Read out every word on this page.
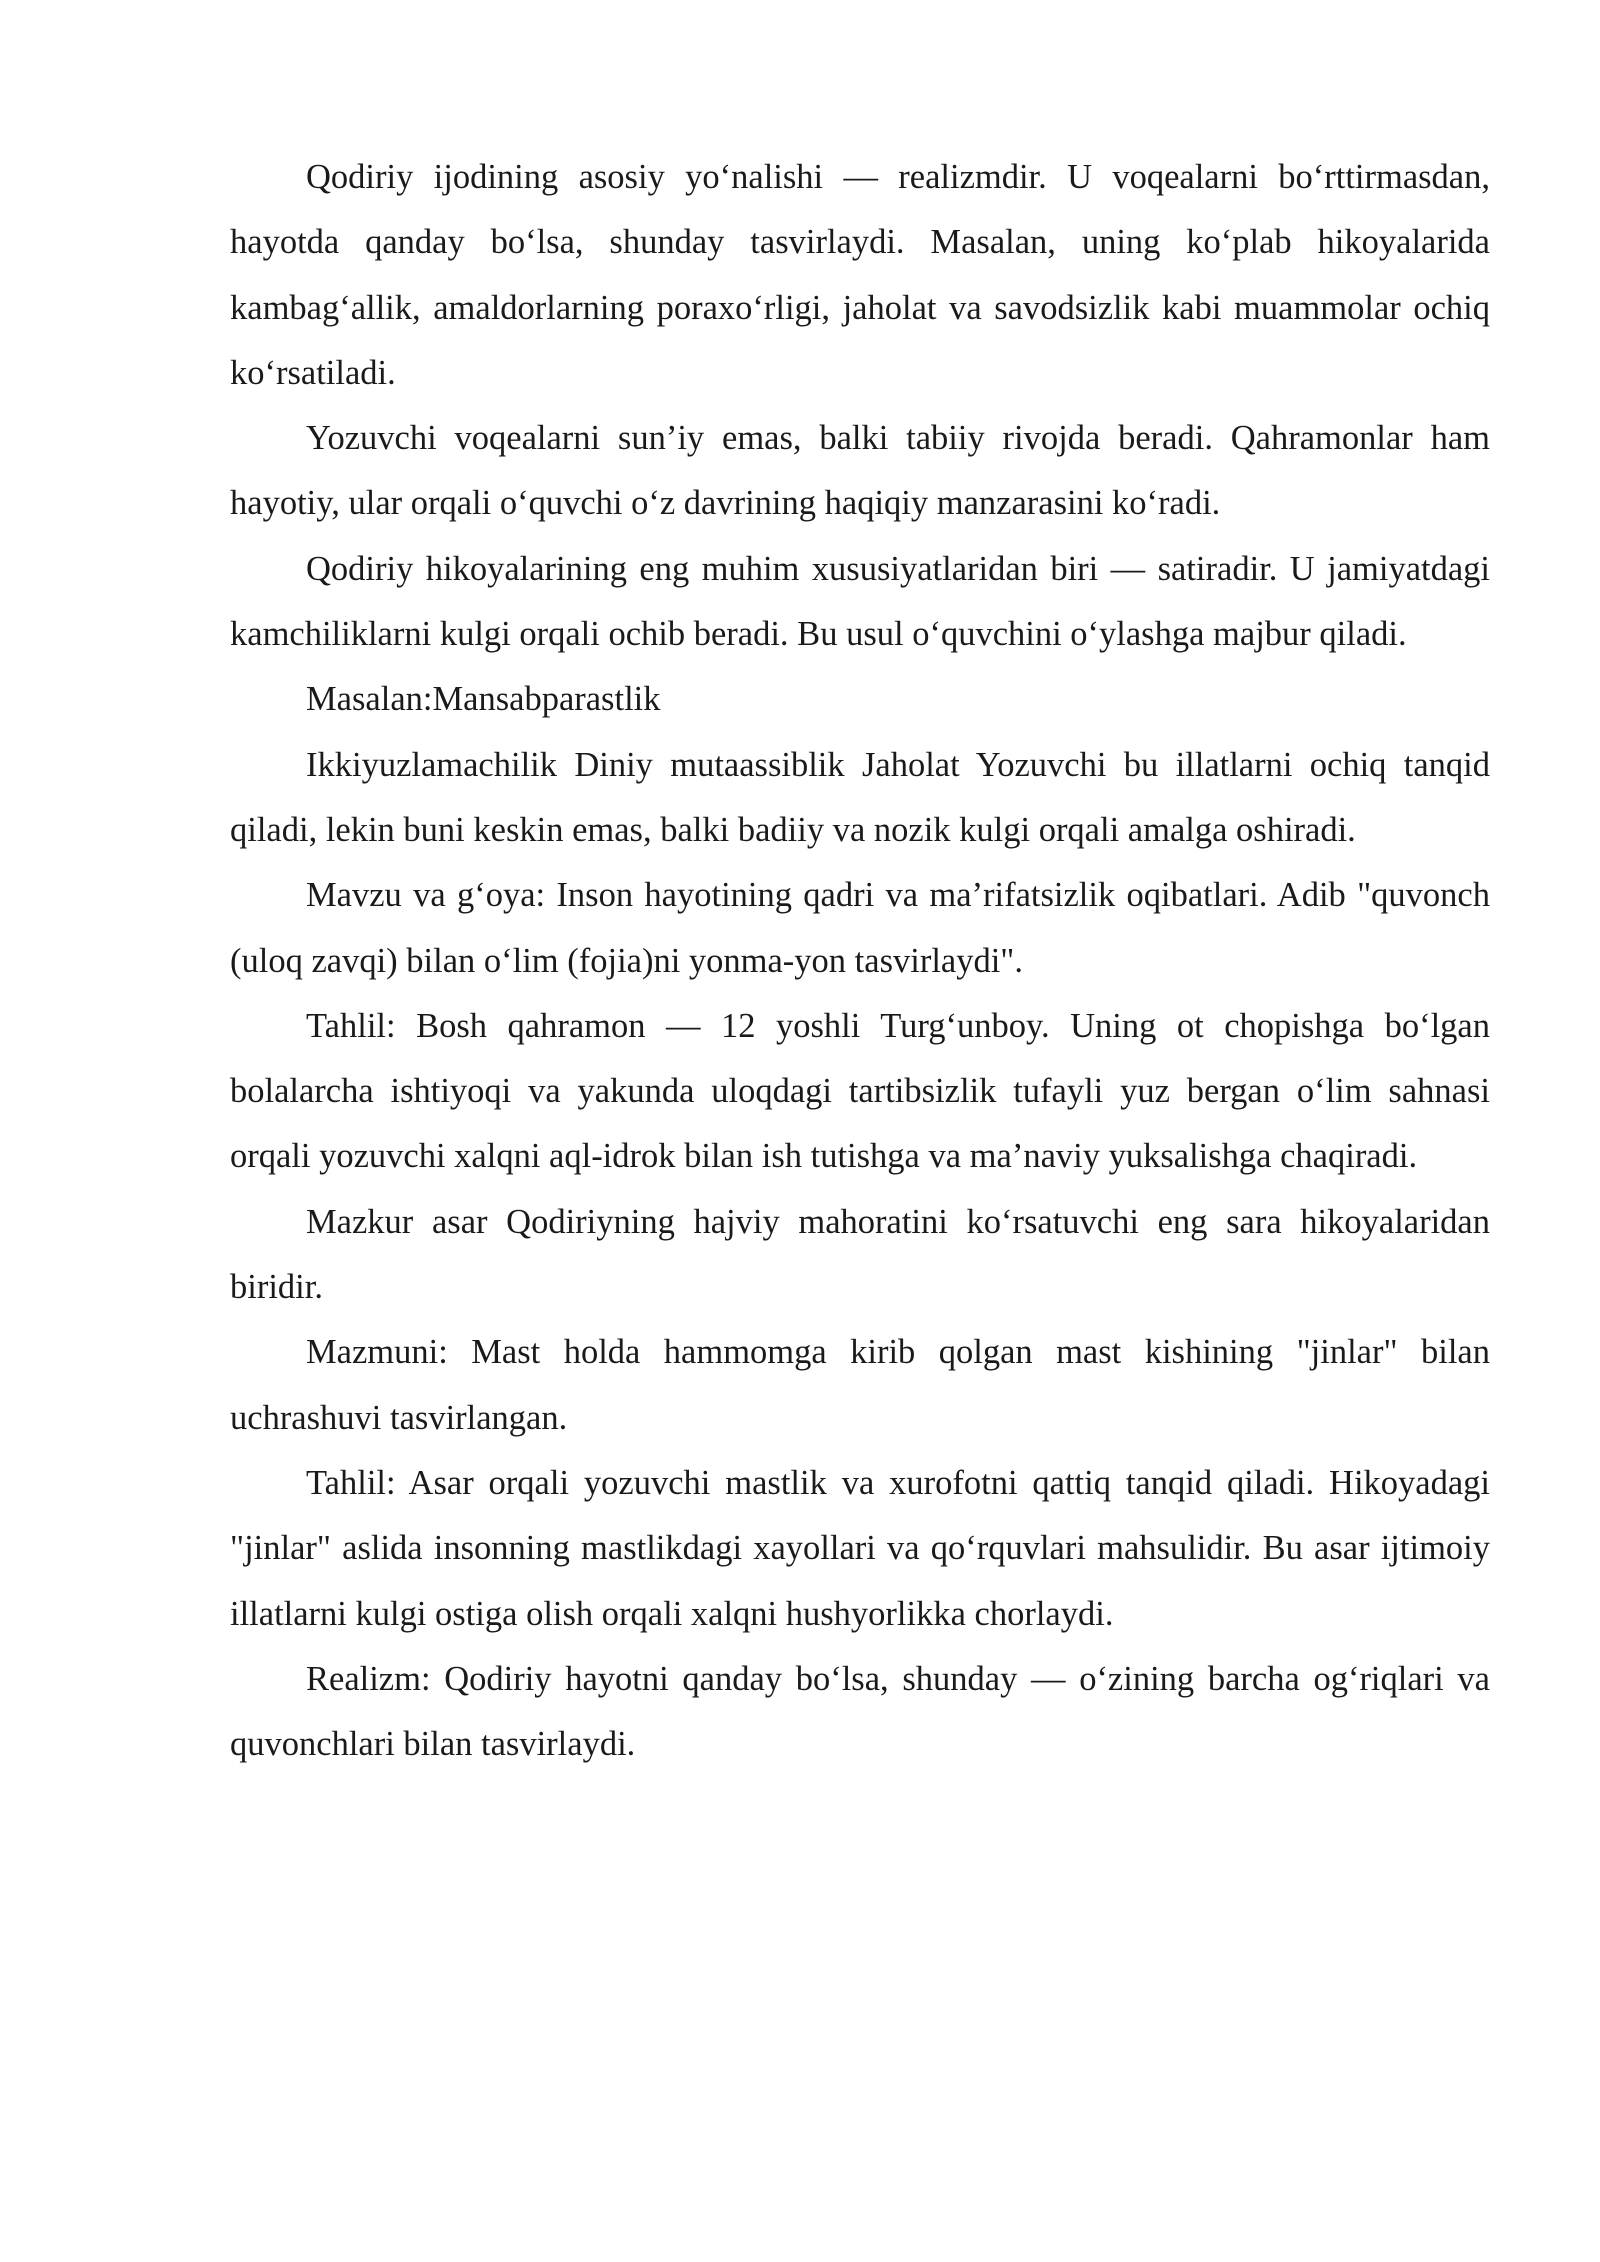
Qodiriy ijodining asosiy yo‘nalishi — realizmdir. U voqealarni bo‘rttirmasdan, hayotda qanday bo‘lsa, shunday tasvirlaydi. Masalan, uning ko‘plab hikoyalarida kambag‘allik, amaldorlarning poraxo‘rligi, jaholat va savodsizlik kabi muammolar ochiq ko‘rsatiladi.

Yozuvchi voqealarni sun’iy emas, balki tabiiy rivojda beradi. Qahramonlar ham hayotiy, ular orqali o‘quvchi o‘z davrining haqiqiy manzarasini ko‘radi.

Qodiriy hikoyalarining eng muhim xususiyatlaridan biri — satiradir. U jamiyatdagi kamchiliklarni kulgi orqali ochib beradi. Bu usul o‘quvchini o‘ylashga majbur qiladi.

Masalan:Mansabparastlik

Ikkiyuzlamachilik Diniy mutaassiblik Jaholat Yozuvchi bu illatlarni ochiq tanqid qiladi, lekin buni keskin emas, balki badiiy va nozik kulgi orqali amalga oshiradi.

Mavzu va g‘oya: Inson hayotining qadri va ma’rifatsizlik oqibatlari. Adib "quvonch (uloq zavqi) bilan o‘lim (fojia)ni yonma-yon tasvirlaydi".

Tahlil: Bosh qahramon — 12 yoshli Turg‘unboy. Uning ot chopishga bo‘lgan bolalarcha ishtiyoqi va yakunda uloqdagi tartibsizlik tufayli yuz bergan o‘lim sahnasi orqali yozuvchi xalqni aql-idrok bilan ish tutishga va ma’naviy yuksalishga chaqiradi.

Mazkur asar Qodiriyning hajviy mahoratini ko‘rsatuvchi eng sara hikoyalaridan biridir.

Mazmuni: Mast holda hammomga kirib qolgan mast kishining "jinlar" bilan uchrashuvi tasvirlangan.

Tahlil: Asar orqali yozuvchi mastlik va xurofotni qattiq tanqid qiladi. Hikoyadagi "jinlar" aslida insonning mastlikdagi xayollari va qo‘rquvlari mahsulidir. Bu asar ijtimoiy illatlarni kulgi ostiga olish orqali xalqni hushyorlikka chorlaydi.

Realizm: Qodiriy hayotni qanday bo‘lsa, shunday — o‘zining barcha og‘riqlari va quvonchlari bilan tasvirlaydi.
